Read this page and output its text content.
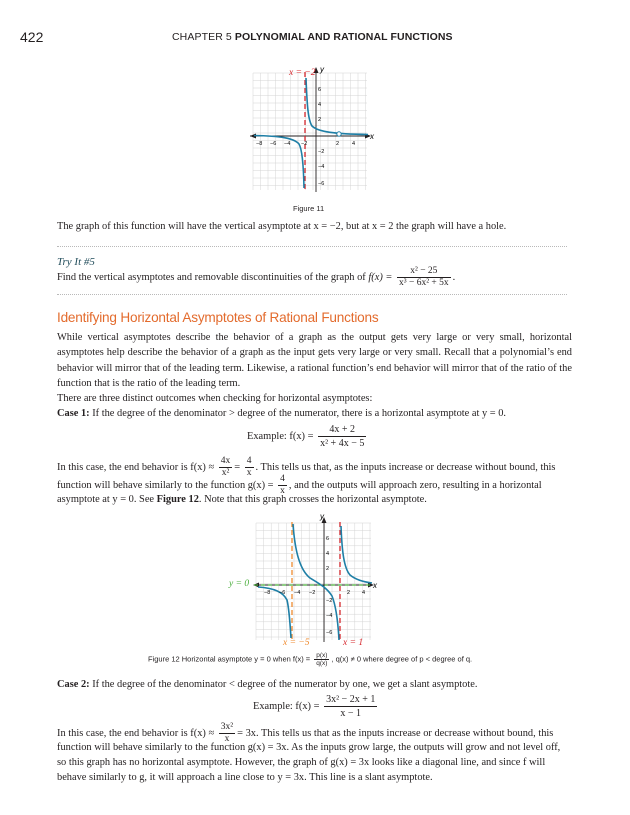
422	CHAPTER 5 POLYNOMIAL AND RATIONAL FUNCTIONS
x
y
−8 −6 −4 −2	2 4
6
4
2
−2
−4
−6
x = −2
Figure 11
The graph of this function will have the vertical asymptote at x = −2, but at x = 2 the graph will have a hole.
Try It #5
Find the vertical asymptotes and removable discontinuities of the graph of $f(x) = \frac{\text{x² − 25}}{\text{x³ − 6x² + 5x}}$ .
Identifying Horizontal Asymptotes of Rational Functions
While vertical asymptotes describe the behavior of a graph as the output gets very large or very small, horizontal asymptotes help describe the behavior of a graph as the input gets very large or very small. Recall that a polynomial’s end behavior will mirror that of the leading term. Likewise, a rational function’s end behavior will mirror that of the ratio of the function that is the ratio of the leading term.
There are three distinct outcomes when checking for horizontal asymptotes:
Case 1: If the degree of the denominator > degree of the numerator, there is a horizontal asymptote at y = 0.
Example: $f(x) = \frac{4x + 2}{\text{x² + 4x − 5}}$
In this case, the end behavior is $f(x) \approx \frac{4x}{\text{x²}} = \frac{4}{x}$ . This tells us that, as the inputs increase or decrease without bound, this
function will behave similarly to the function $g(x) = \frac{4}{x}$ , and the outputs will approach zero, resulting in a horizontal
asymptote at y = 0. See Figure 12. Note that this graph crosses the horizontal asymptote.
x
y
−8 −6 −4 −2	2 4
6
4
2
−2
−4
−6
y = 0
x = −5	x = 1
Figure 12 Horizontal asymptote y = 0 when $f(x) = \frac{p(x)}{q(x)}$ , q(x) ≠ 0 where degree of p < degree of q.
Case 2: If the degree of the denominator < degree of the numerator by one, we get a slant asymptote.
Example: $f(x) = \frac{\text{3x² − 2x + 1}}{x - 1}$
In this case, the end behavior is $f(x) \approx \frac{\text{3x²}}{x} = 3x$. This tells us that as the inputs increase or decrease without bound, this
function will behave similarly to the function g(x) = 3x. As the inputs grow large, the outputs will grow and not level off,
so this graph has no horizontal asymptote. However, the graph of g(x) = 3x looks like a diagonal line, and since f will
behave similarly to g, it will approach a line close to y = 3x. This line is a slant asymptote.
